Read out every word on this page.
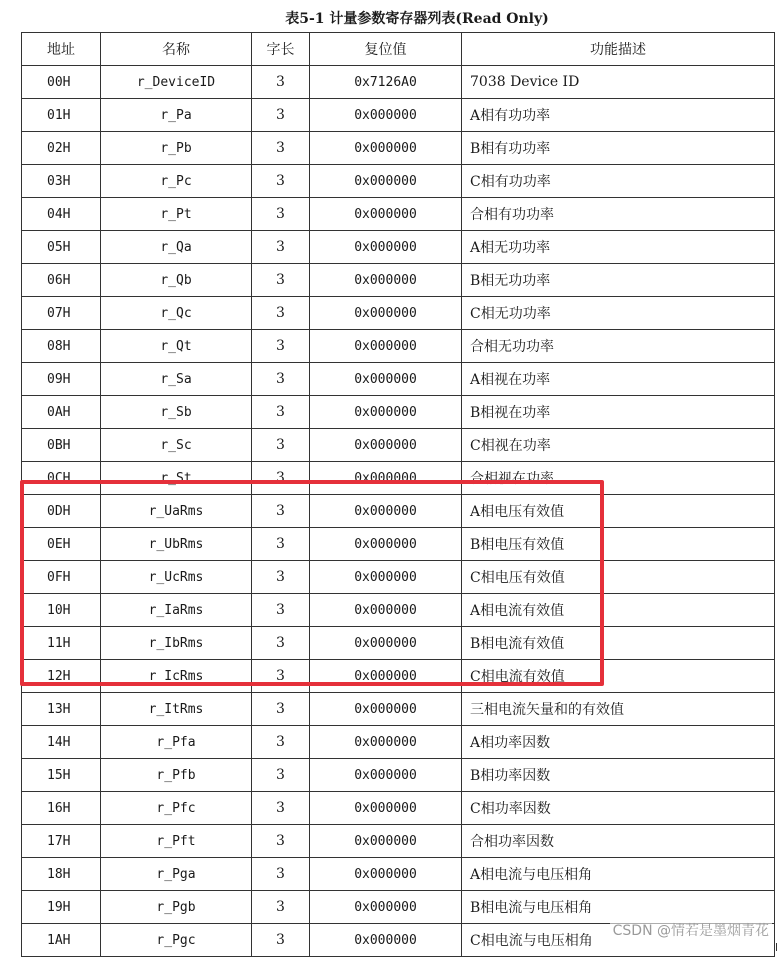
表5-1 计量参数寄存器列表(Read Only)
地址	名称	字长	复位值	功能描述
00H	r_DeviceID	3	0x7126A0	7038 Device ID
01H	r_Pa	3	0x000000	A相有功功率
02H	r_Pb	3	0x000000	B相有功功率
03H	r_Pc	3	0x000000	C相有功功率
04H	r_Pt	3	0x000000	合相有功功率
05H	r_Qa	3	0x000000	A相无功功率
06H	r_Qb	3	0x000000	B相无功功率
07H	r_Qc	3	0x000000	C相无功功率
08H	r_Qt	3	0x000000	合相无功功率
09H	r_Sa	3	0x000000	A相视在功率
0AH	r_Sb	3	0x000000	B相视在功率
0BH	r_Sc	3	0x000000	C相视在功率
0CH	r_St	3	0x000000	合相视在功率
0DH	r_UaRms	3	0x000000	A相电压有效值
0EH	r_UbRms	3	0x000000	B相电压有效值
0FH	r_UcRms	3	0x000000	C相电压有效值
10H	r_IaRms	3	0x000000	A相电流有效值
11H	r_IbRms	3	0x000000	B相电流有效值
12H	r_IcRms	3	0x000000	C相电流有效值
13H	r_ItRms	3	0x000000	三相电流矢量和的有效值
14H	r_Pfa	3	0x000000	A相功率因数
15H	r_Pfb	3	0x000000	B相功率因数
16H	r_Pfc	3	0x000000	C相功率因数
17H	r_Pft	3	0x000000	合相功率因数
18H	r_Pga	3	0x000000	A相电流与电压相角
19H	r_Pgb	3	0x000000	B相电流与电压相角
1AH	r_Pgc	3	0x000000	C相电流与电压相角
CSDN @情若是墨烟青花
